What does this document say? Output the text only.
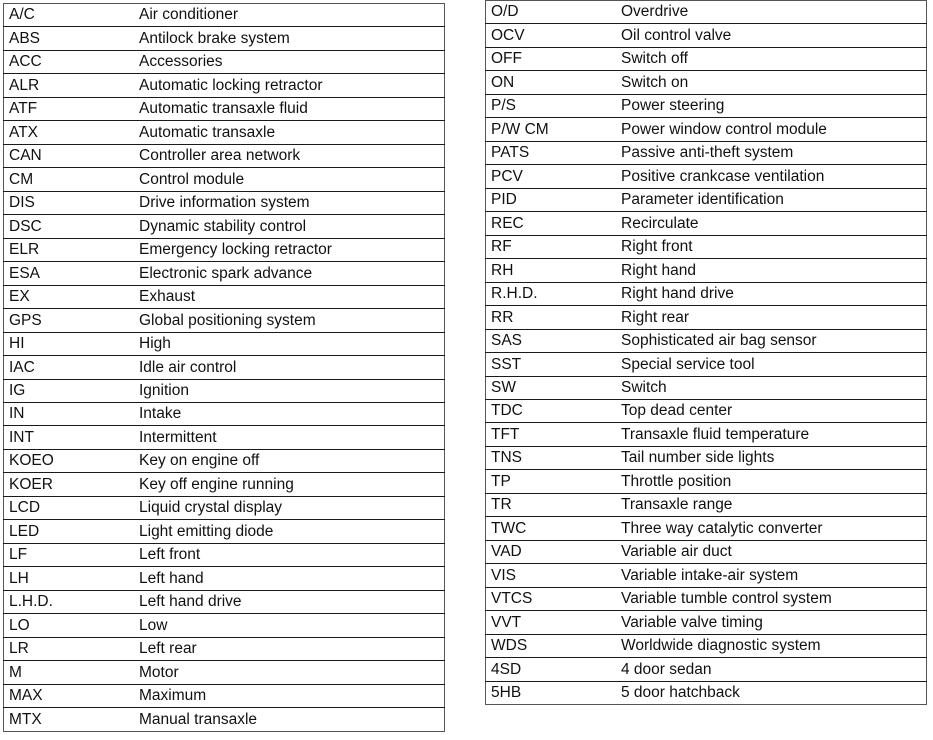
A/C	Air conditioner
ABS	Antilock brake system
ACC	Accessories
ALR	Automatic locking retractor
ATF	Automatic transaxle fluid
ATX	Automatic transaxle
CAN	Controller area network
CM	Control module
DIS	Drive information system
DSC	Dynamic stability control
ELR	Emergency locking retractor
ESA	Electronic spark advance
EX	Exhaust
GPS	Global positioning system
HI	High
IAC	Idle air control
IG	Ignition
IN	Intake
INT	Intermittent
KOEO	Key on engine off
KOER	Key off engine running
LCD	Liquid crystal display
LED	Light emitting diode
LF	Left front
LH	Left hand
L.H.D.	Left hand drive
LO	Low
LR	Left rear
M	Motor
MAX	Maximum
MTX	Manual transaxle
O/D	Overdrive
OCV	Oil control valve
OFF	Switch off
ON	Switch on
P/S	Power steering
P/W CM	Power window control module
PATS	Passive anti-theft system
PCV	Positive crankcase ventilation
PID	Parameter identification
REC	Recirculate
RF	Right front
RH	Right hand
R.H.D.	Right hand drive
RR	Right rear
SAS	Sophisticated air bag sensor
SST	Special service tool
SW	Switch
TDC	Top dead center
TFT	Transaxle fluid temperature
TNS	Tail number side lights
TP	Throttle position
TR	Transaxle range
TWC	Three way catalytic converter
VAD	Variable air duct
VIS	Variable intake-air system
VTCS	Variable tumble control system
VVT	Variable valve timing
WDS	Worldwide diagnostic system
4SD	4 door sedan
5HB	5 door hatchback
